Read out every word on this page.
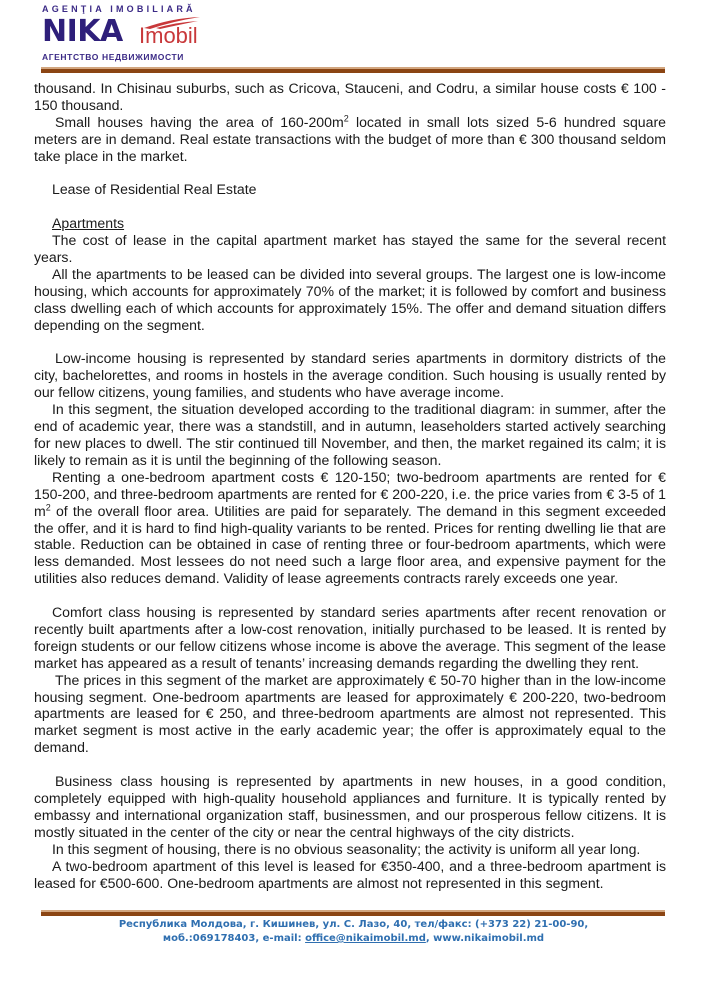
AGENŢIA IMOBILIARĂ
NIKA Imobil
АГЕНТСТВО НЕДВИЖИМОСТИ

thousand. In Chisinau suburbs, such as Cricova, Stauceni, and Codru, a similar house costs € 100 - 150 thousand.

Small houses having the area of $160-200m^2$ located in small lots sized 5-6 hundred square meters are in demand. Real estate transactions with the budget of more than € 300 thousand seldom take place in the market.

Lease of Residential Real Estate

Apartments

The cost of lease in the capital apartment market has stayed the same for the several recent years.

All the apartments to be leased can be divided into several groups. The largest one is low-income housing, which accounts for approximately 70% of the market; it is followed by comfort and business class dwelling each of which accounts for approximately 15%. The offer and demand situation differs depending on the segment.

Low-income housing is represented by standard series apartments in dormitory districts of the city, bachelorettes, and rooms in hostels in the average condition. Such housing is usually rented by our fellow citizens, young families, and students who have average income.

In this segment, the situation developed according to the traditional diagram: in summer, after the end of academic year, there was a standstill, and in autumn, leaseholders started actively searching for new places to dwell. The stir continued till November, and then, the market regained its calm; it is likely to remain as it is until the beginning of the following season.

Renting a one-bedroom apartment costs € 120-150; two-bedroom apartments are rented for € 150-200, and three-bedroom apartments are rented for € 200-220, i.e. the price varies from € 3-5 of 1 $m^2$ of the overall floor area. Utilities are paid for separately. The demand in this segment exceeded the offer, and it is hard to find high-quality variants to be rented. Prices for renting dwelling lie that are stable. Reduction can be obtained in case of renting three or four-bedroom apartments, which were less demanded. Most lessees do not need such a large floor area, and expensive payment for the utilities also reduces demand. Validity of lease agreements contracts rarely exceeds one year.

Comfort class housing is represented by standard series apartments after recent renovation or recently built apartments after a low-cost renovation, initially purchased to be leased. It is rented by foreign students or our fellow citizens whose income is above the average. This segment of the lease market has appeared as a result of tenants’ increasing demands regarding the dwelling they rent.

The prices in this segment of the market are approximately € 50-70 higher than in the low-income housing segment. One-bedroom apartments are leased for approximately € 200-220, two-bedroom apartments are leased for € 250, and three-bedroom apartments are almost not represented. This market segment is most active in the early academic year; the offer is approximately equal to the demand.

Business class housing is represented by apartments in new houses, in a good condition, completely equipped with high-quality household appliances and furniture. It is typically rented by embassy and international organization staff, businessmen, and our prosperous fellow citizens. It is mostly situated in the center of the city or near the central highways of the city districts.

In this segment of housing, there is no obvious seasonality; the activity is uniform all year long.

A two-bedroom apartment of this level is leased for €350-400, and a three-bedroom apartment is leased for €500-600. One-bedroom apartments are almost not represented in this segment.

Республика Молдова, г. Кишинев, ул. С. Лазо, 40, тел/факс: (+373 22) 21-00-90,
моб.:069178403, e-mail: office@nikaimobil.md, www.nikaimobil.md
